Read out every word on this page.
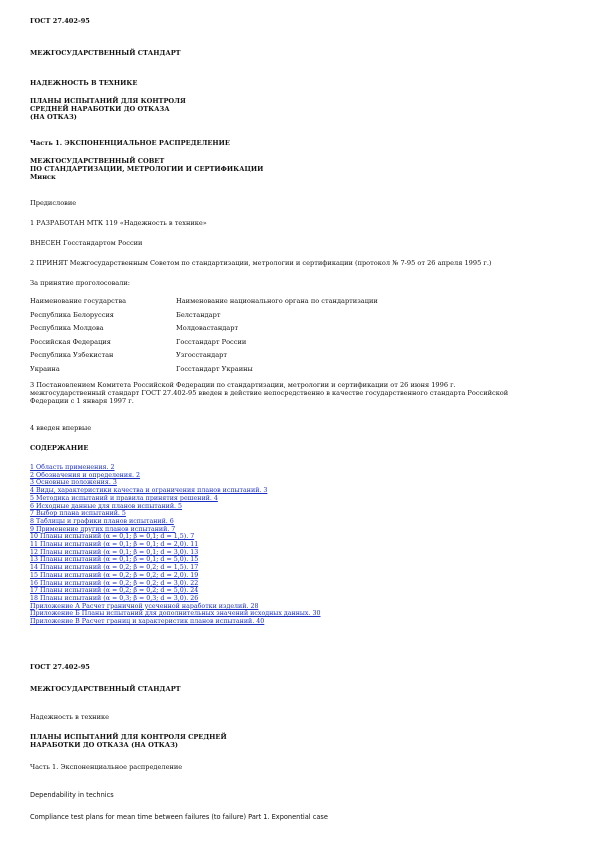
ГОСТ 27.402-95
МЕЖГОСУДАРСТВЕННЫЙ СТАНДАРТ
НАДЕЖНОСТЬ В ТЕХНИКЕ
ПЛАНЫ ИСПЫТАНИЙ ДЛЯ КОНТРОЛЯ
СРЕДНЕЙ НАРАБОТКИ ДО ОТКАЗА
(НА ОТКАЗ)
Часть 1. ЭКСПОНЕНЦИАЛЬНОЕ РАСПРЕДЕЛЕНИЕ
МЕЖГОСУДАРСТВЕННЫЙ СОВЕТ
ПО СТАНДАРТИЗАЦИИ, МЕТРОЛОГИИ И СЕРТИФИКАЦИИ
Минск
Предисловие
1 РАЗРАБОТАН МТК 119 «Надежность в технике»
ВНЕСЕН Госстандартом России
2 ПРИНЯТ Межгосударственным Советом по стандартизации, метрологии и сертификации (протокол № 7-95 от 26 апреля 1995 г.)
За принятие проголосовали:
Наименование государства	Наименование национального органа по стандартизации
Республика Белоруссия	Белстандарт
Республика Молдова	Молдовастандарт
Российская Федерация	Госстандарт России
Республика Узбекистан	Узгосстандарт
Украина	Госстандарт Украины
3 Постановлением Комитета Российской Федерации по стандартизации, метрологии и сертификации от 26 июня 1996 г.
межгосударственный стандарт ГОСТ 27.402-95 введен в действие непосредственно в качестве государственного стандарта Российской
Федерации с 1 января 1997 г.
4 введен впервые
СОДЕРЖАНИЕ
1 Область применения. 2
2 Обозначения и определения. 2
3 Основные положения. 3
4 Виды, характеристики качества и ограничения планов испытаний. 3
5 Методика испытаний и правила принятия решений. 4
6 Исходные данные для планов испытаний. 5
7 Выбор плана испытаний. 5
8 Таблицы и графики планов испытаний. 6
9 Применение других планов испытаний. 7
10 Планы испытаний (α = 0,1; β = 0,1; d = 1,5). 7
11 Планы испытаний (α = 0,1; β = 0,1; d = 2,0). 11
12 Планы испытаний (α = 0,1; β = 0,1; d = 3,0). 13
13 Планы испытаний (α = 0,1; β = 0,1; d = 5,0). 15
14 Планы испытаний (α = 0,2; β = 0,2; d = 1,5). 17
15 Планы испытаний (α = 0,2; β = 0,2; d = 2,0). 19
16 Планы испытаний (α = 0,2; β = 0,2; d = 3,0). 22
17 Планы испытаний (α = 0,2; β = 0,2; d = 5,0). 24
18 Планы испытаний (α = 0,3; β = 0,3; d = 3,0). 26
Приложение А Расчет граничной усеченной наработки изделий. 28
Приложение Б Планы испытаний для дополнительных значений исходных данных. 30
Приложение В Расчет границ и характеристик планов испытаний. 40
ГОСТ 27.402-95
МЕЖГОСУДАРСТВЕННЫЙ СТАНДАРТ
Надежность в технике
ПЛАНЫ ИСПЫТАНИЙ ДЛЯ КОНТРОЛЯ СРЕДНЕЙ
НАРАБОТКИ ДО ОТКАЗА (НА ОТКАЗ)
Часть 1. Экспоненциальное распределение
Dependability in technics
Compliance test plans for mean time between failures (to failure) Part 1. Exponential case
